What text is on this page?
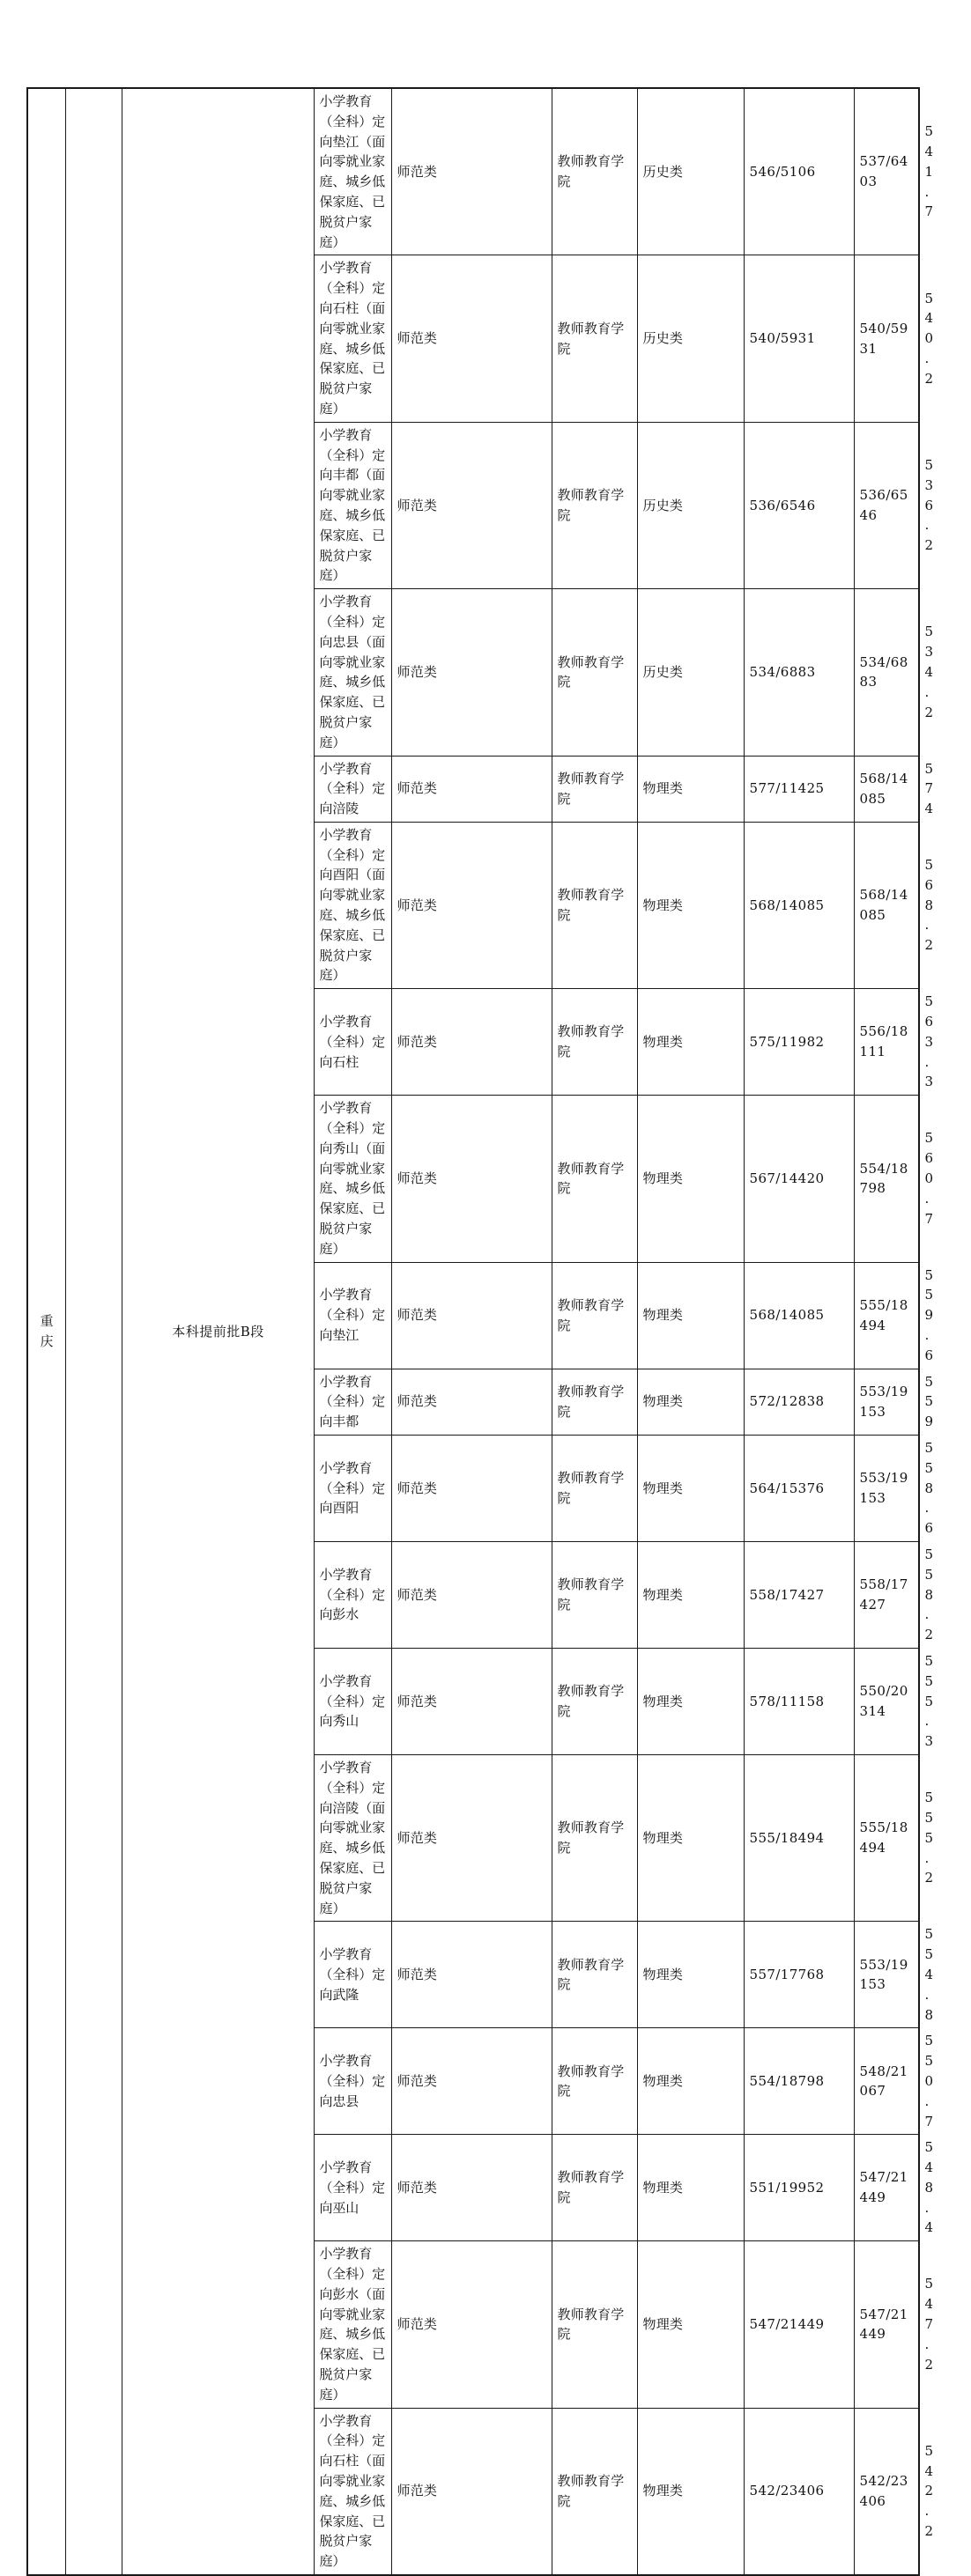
重庆		本科提前批B段	小学教育（全科）定向垫江（面向零就业家庭、城乡低保家庭、已脱贫户家庭）	师范类	教师教育学院	历史类	546/5106	537/6403	541.7
			小学教育（全科）定向石柱（面向零就业家庭、城乡低保家庭、已脱贫户家庭）	师范类	教师教育学院	历史类	540/5931	540/5931	540.2
			小学教育（全科）定向丰都（面向零就业家庭、城乡低保家庭、已脱贫户家庭）	师范类	教师教育学院	历史类	536/6546	536/6546	536.2
			小学教育（全科）定向忠县（面向零就业家庭、城乡低保家庭、已脱贫户家庭）	师范类	教师教育学院	历史类	534/6883	534/6883	534.2
			小学教育（全科）定向涪陵	师范类	教师教育学院	物理类	577/11425	568/14085	574
			小学教育（全科）定向酉阳（面向零就业家庭、城乡低保家庭、已脱贫户家庭）	师范类	教师教育学院	物理类	568/14085	568/14085	568.2
			小学教育（全科）定向石柱	师范类	教师教育学院	物理类	575/11982	556/18111	563.3
			小学教育（全科）定向秀山（面向零就业家庭、城乡低保家庭、已脱贫户家庭）	师范类	教师教育学院	物理类	567/14420	554/18798	560.7
			小学教育（全科）定向垫江	师范类	教师教育学院	物理类	568/14085	555/18494	559.6
			小学教育（全科）定向丰都	师范类	教师教育学院	物理类	572/12838	553/19153	559
			小学教育（全科）定向酉阳	师范类	教师教育学院	物理类	564/15376	553/19153	558.6
			小学教育（全科）定向彭水	师范类	教师教育学院	物理类	558/17427	558/17427	558.2
			小学教育（全科）定向秀山	师范类	教师教育学院	物理类	578/11158	550/20314	555.3
			小学教育（全科）定向涪陵（面向零就业家庭、城乡低保家庭、已脱贫户家庭）	师范类	教师教育学院	物理类	555/18494	555/18494	555.2
			小学教育（全科）定向武隆	师范类	教师教育学院	物理类	557/17768	553/19153	554.8
			小学教育（全科）定向忠县	师范类	教师教育学院	物理类	554/18798	548/21067	550.7
			小学教育（全科）定向巫山	师范类	教师教育学院	物理类	551/19952	547/21449	548.4
			小学教育（全科）定向彭水（面向零就业家庭、城乡低保家庭、已脱贫户家庭）	师范类	教师教育学院	物理类	547/21449	547/21449	547.2
			小学教育（全科）定向石柱（面向零就业家庭、城乡低保家庭、已脱贫户家庭）	师范类	教师教育学院	物理类	542/23406	542/23406	542.2
